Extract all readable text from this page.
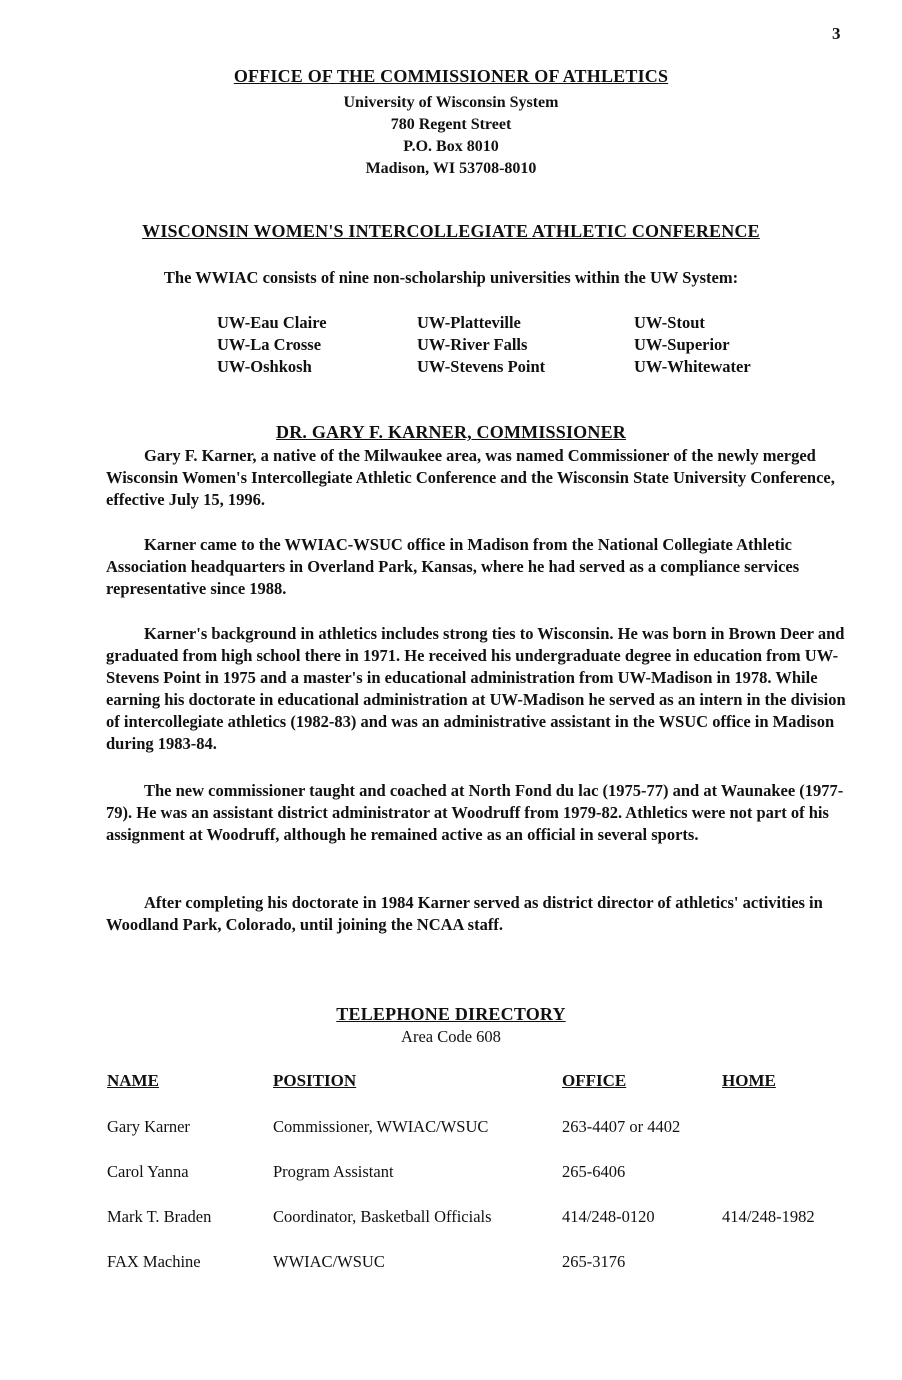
3
OFFICE OF THE COMMISSIONER OF ATHLETICS
University of Wisconsin System
780 Regent Street
P.O. Box 8010
Madison, WI 53708-8010
WISCONSIN WOMEN'S INTERCOLLEGIATE ATHLETIC CONFERENCE
The WWIAC consists of nine non-scholarship universities within the UW System:
UW-Eau Claire	UW-Platteville	UW-Stout
UW-La Crosse	UW-River Falls	UW-Superior
UW-Oshkosh	UW-Stevens Point	UW-Whitewater
DR. GARY F. KARNER, COMMISSIONER

Gary F. Karner, a native of the Milwaukee area, was named Commissioner of the newly merged Wisconsin Women's Intercollegiate Athletic Conference and the Wisconsin State University Conference, effective July 15, 1996.

Karner came to the WWIAC-WSUC office in Madison from the National Collegiate Athletic Association headquarters in Overland Park, Kansas, where he had served as a compliance services representative since 1988.

Karner's background in athletics includes strong ties to Wisconsin. He was born in Brown Deer and graduated from high school there in 1971. He received his undergraduate degree in education from UW-Stevens Point in 1975 and a master's in educational administration from UW-Madison in 1978. While earning his doctorate in educational administration at UW-Madison he served as an intern in the division of intercollegiate athletics (1982-83) and was an administrative assistant in the WSUC office in Madison during 1983-84.

The new commissioner taught and coached at North Fond du lac (1975-77) and at Waunakee (1977-79). He was an assistant district administrator at Woodruff from 1979-82. Athletics were not part of his assignment at Woodruff, although he remained active as an official in several sports.

After completing his doctorate in 1984 Karner served as district director of athletics' activities in Woodland Park, Colorado, until joining the NCAA staff.

TELEPHONE DIRECTORY
Area Code 608
NAME	POSITION	OFFICE	HOME
Gary Karner	Commissioner, WWIAC/WSUC	263-4407 or 4402
Carol Yanna	Program Assistant	265-6406
Mark T. Braden	Coordinator, Basketball Officials	414/248-0120	414/248-1982
FAX Machine	WWIAC/WSUC	265-3176
